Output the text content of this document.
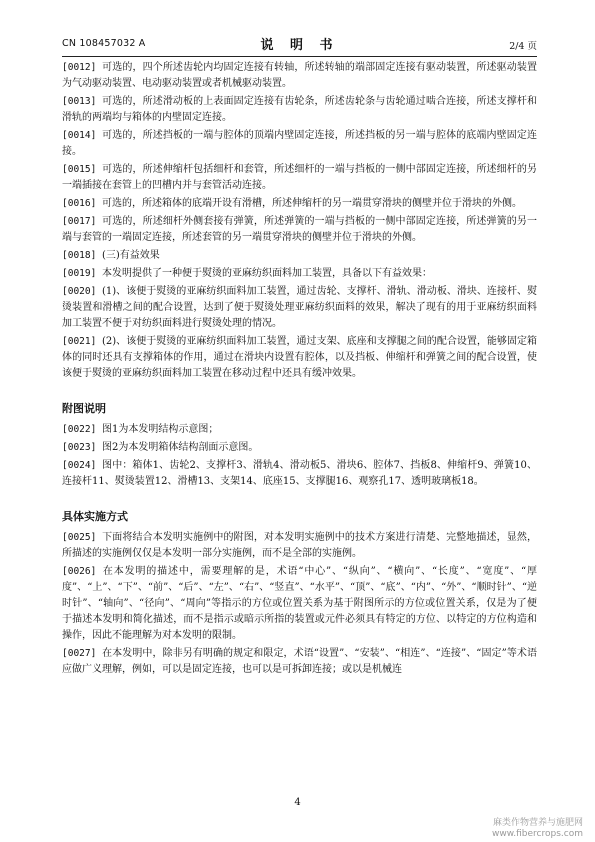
CN 108457032 A	说 明 书	2/4 页

[0012] 可选的，四个所述齿轮内均固定连接有转轴，所述转轴的端部固定连接有驱动装置，所述驱动装置为气动驱动装置、电动驱动装置或者机械驱动装置。

[0013] 可选的，所述滑动板的上表面固定连接有齿轮条，所述齿轮条与齿轮通过啮合连接，所述支撑杆和滑轨的两端均与箱体的内壁固定连接。

[0014] 可选的，所述挡板的一端与腔体的顶端内壁固定连接，所述挡板的另一端与腔体的底端内壁固定连接。

[0015] 可选的，所述伸缩杆包括细杆和套管，所述细杆的一端与挡板的一侧中部固定连接，所述细杆的另一端插接在套管上的凹槽内并与套管活动连接。

[0016] 可选的，所述箱体的底端开设有滑槽，所述伸缩杆的另一端贯穿滑块的侧壁并位于滑块的外侧。

[0017] 可选的，所述细杆外侧套接有弹簧，所述弹簧的一端与挡板的一侧中部固定连接，所述弹簧的另一端与套管的一端固定连接，所述套管的另一端贯穿滑块的侧壁并位于滑块的外侧。

[0018] (三)有益效果

[0019] 本发明提供了一种便于熨烫的亚麻纺织面料加工装置，具备以下有益效果：

[0020] (1)、该便于熨烫的亚麻纺织面料加工装置，通过齿轮、支撑杆、滑轨、滑动板、滑块、连接杆、熨烫装置和滑槽之间的配合设置，达到了便于熨烫处理亚麻纺织面料的效果，解决了现有的用于亚麻纺织面料加工装置不便于对纺织面料进行熨烫处理的情况。

[0021] (2)、该便于熨烫的亚麻纺织面料加工装置，通过支架、底座和支撑腿之间的配合设置，能够固定箱体的同时还具有支撑箱体的作用，通过在滑块内设置有腔体，以及挡板、伸缩杆和弹簧之间的配合设置，使该便于熨烫的亚麻纺织面料加工装置在移动过程中还具有缓冲效果。

附图说明

[0022] 图1为本发明结构示意图；

[0023] 图2为本发明箱体结构剖面示意图。

[0024] 图中：箱体1、齿轮2、支撑杆3、滑轨4、滑动板5、滑块6、腔体7、挡板8、伸缩杆9、弹簧10、连接杆11、熨烫装置12、滑槽13、支架14、底座15、支撑腿16、观察孔17、透明玻璃板18。

具体实施方式

[0025] 下面将结合本发明实施例中的附图，对本发明实施例中的技术方案进行清楚、完整地描述，显然，所描述的实施例仅仅是本发明一部分实施例，而不是全部的实施例。

[0026] 在本发明的描述中，需要理解的是，术语“中心”、“纵向”、“横向”、“长度”、“宽度”、“厚度”、“上”、“下”、“前”、“后”、“左”、“右”、“竖直”、“水平”、“顶”、“底”、“内”、“外”、“顺时针”、“逆时针”、“轴向”、“径向”、“周向”等指示的方位或位置关系为基于附图所示的方位或位置关系，仅是为了便于描述本发明和简化描述，而不是指示或暗示所指的装置或元件必须具有特定的方位、以特定的方位构造和操作，因此不能理解为对本发明的限制。

[0027] 在本发明中，除非另有明确的规定和限定，术语“设置”、“安装”、“相连”、“连接”、“固定”等术语应做广义理解，例如，可以是固定连接，也可以是可拆卸连接；或以是机械连

4
麻类作物营养与施肥网
www.fibercrops.com
